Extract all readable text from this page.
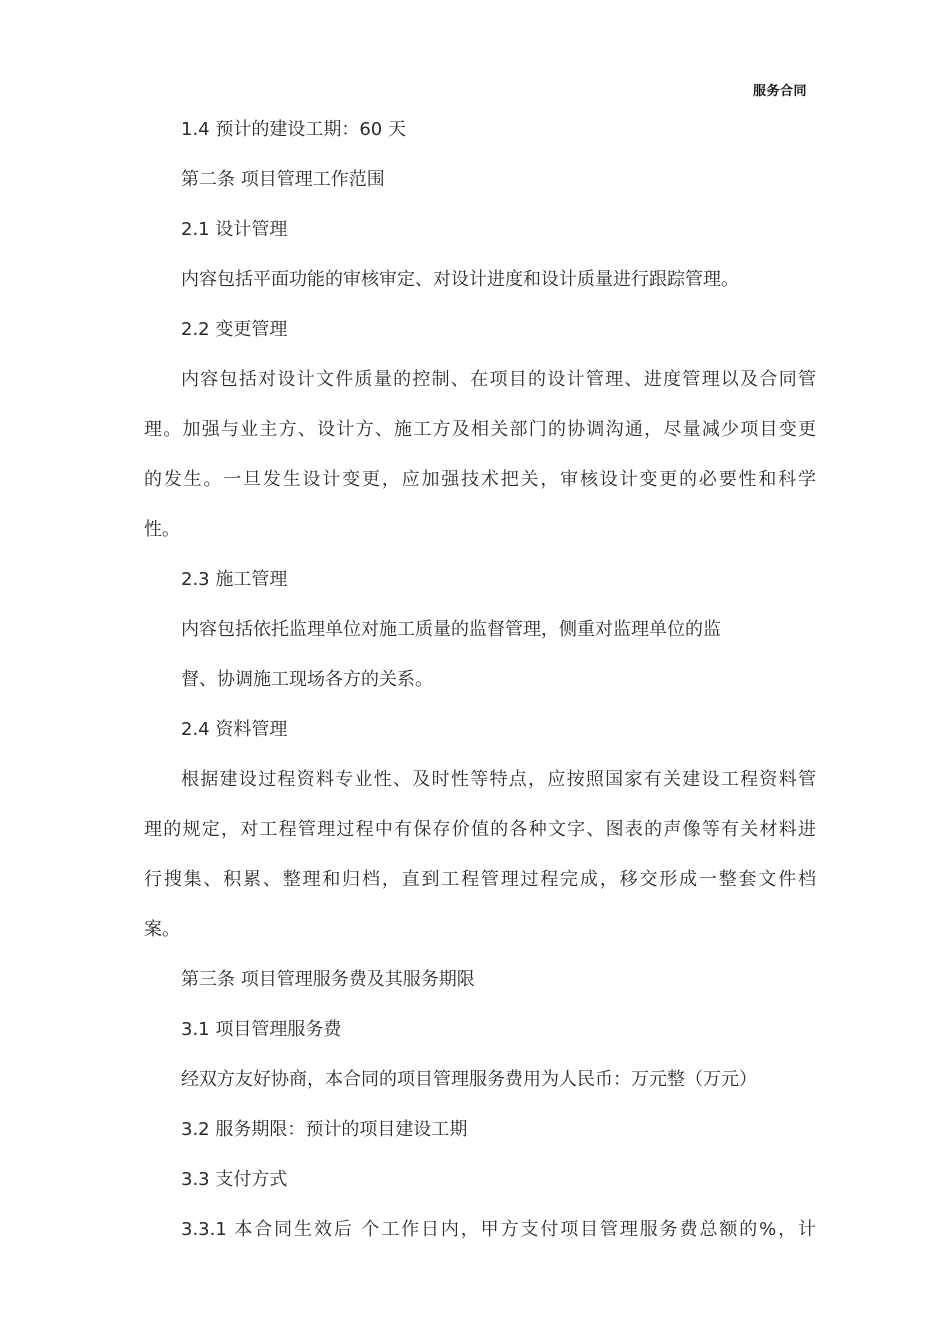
服务合同
1.4 预计的建设工期：60 天
第二条 项目管理工作范围
2.1 设计管理
内容包括平面功能的审核审定、对设计进度和设计质量进行跟踪管理。
2.2 变更管理
内容包括对设计文件质量的控制、在项目的设计管理、进度管理以及合同管
理。加强与业主方、设计方、施工方及相关部门的协调沟通，尽量减少项目变更
的发生。一旦发生设计变更，应加强技术把关，审核设计变更的必要性和科学
性。
2.3 施工管理
内容包括依托监理单位对施工质量的监督管理，侧重对监理单位的监
督、协调施工现场各方的关系。
2.4 资料管理
根据建设过程资料专业性、及时性等特点，应按照国家有关建设工程资料管
理的规定，对工程管理过程中有保存价值的各种文字、图表的声像等有关材料进
行搜集、积累、整理和归档，直到工程管理过程完成，移交形成一整套文件档
案。
第三条 项目管理服务费及其服务期限
3.1 项目管理服务费
经双方友好协商，本合同的项目管理服务费用为人民币：万元整（万元）
3.2 服务期限：预计的项目建设工期
3.3 支付方式
3.3.1 本合同生效后 个工作日内，甲方支付项目管理服务费总额的%，计
